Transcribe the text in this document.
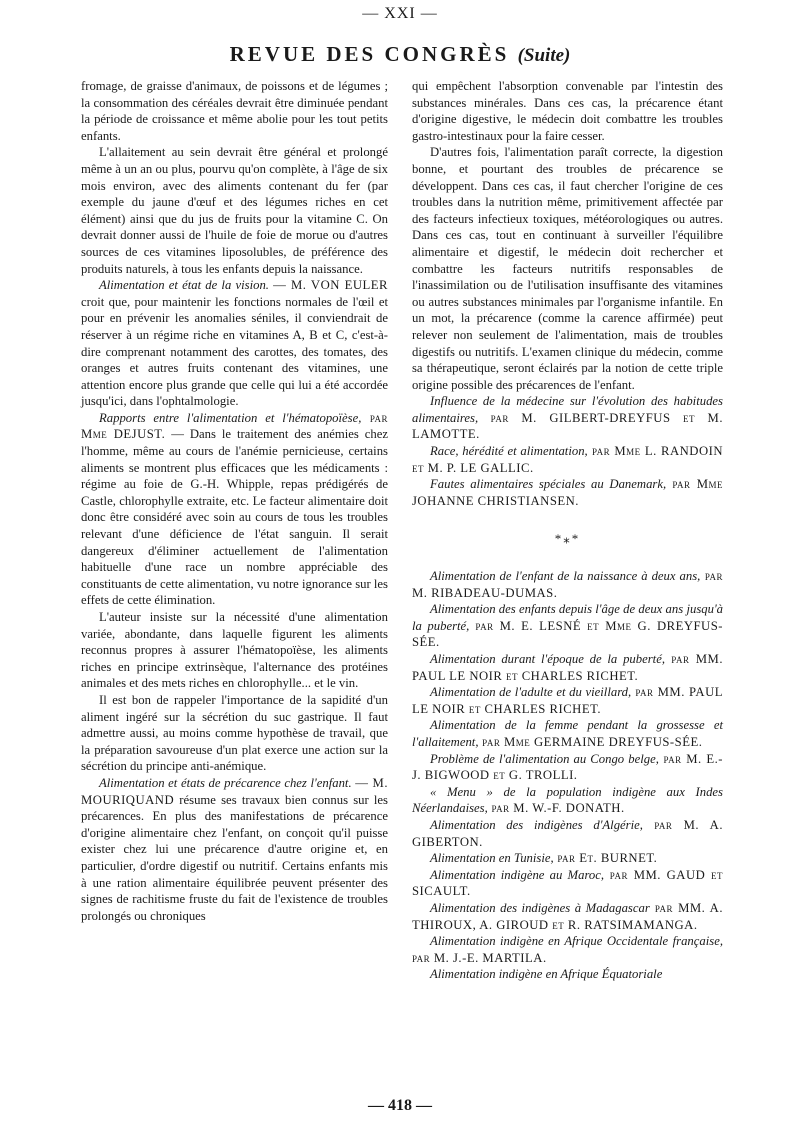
— XXI —
REVUE DES CONGRÈS (Suite)

fromage, de graisse d'animaux, de poissons et de légumes ; la consommation des céréales devrait être diminuée pendant la période de croissance et même abolie pour les tout petits enfants.

L'allaitement au sein devrait être général et prolongé même à un an ou plus, pourvu qu'on complète, à l'âge de six mois environ, avec des aliments contenant du fer (par exemple du jaune d'œuf et des légumes riches en cet élément) ainsi que du jus de fruits pour la vitamine C. On devrait donner aussi de l'huile de foie de morue ou d'autres sources de ces vitamines liposolubles, de préférence des produits naturels, à tous les enfants depuis la naissance.

Alimentation et état de la vision. — M. VON EULER croit que, pour maintenir les fonctions normales de l'œil et pour en prévenir les anomalies séniles, il conviendrait de réserver à un régime riche en vitamines A, B et C, c'est-à-dire comprenant notamment des carottes, des tomates, des oranges et autres fruits contenant des vitamines, une attention encore plus grande que celle qui lui a été accordée jusqu'ici, dans l'ophtalmologie.

Rapports entre l'alimentation et l'hématopoïèse, par Mme DEJUST. — Dans le traitement des anémies chez l'homme, même au cours de l'anémie pernicieuse, certains aliments se montrent plus efficaces que les médicaments : régime au foie de G.-H. Whipple, repas prédigérés de Castle, chlorophylle extraite, etc. Le facteur alimentaire doit donc être considéré avec soin au cours de tous les troubles relevant d'une déficience de l'état sanguin. Il serait dangereux d'éliminer actuellement de l'alimentation habituelle d'une race un nombre appréciable des constituants de cette alimentation, vu notre ignorance sur les effets de cette élimination.

L'auteur insiste sur la nécessité d'une alimentation variée, abondante, dans laquelle figurent les aliments reconnus propres à assurer l'hématopoïèse, les aliments riches en principe extrinsèque, l'alternance des protéines animales et des mets riches en chlorophylle... et le vin.

Il est bon de rappeler l'importance de la sapidité d'un aliment ingéré sur la sécrétion du suc gastrique. Il faut admettre aussi, au moins comme hypothèse de travail, que la préparation savoureuse d'un plat exerce une action sur la sécrétion du principe anti-anémique.

Alimentation et états de précarence chez l'enfant. — M. MOURIQUAND résume ses travaux bien connus sur les précarences. En plus des manifestations de précarence d'origine alimentaire chez l'enfant, on conçoit qu'il puisse exister chez lui une précarence d'autre origine et, en particulier, d'ordre digestif ou nutritif. Certains enfants mis à une ration alimentaire équilibrée peuvent présenter des signes de rachitisme fruste du fait de l'existence de troubles prolongés ou chroniques

qui empêchent l'absorption convenable par l'intestin des substances minérales. Dans ces cas, la précarence étant d'origine digestive, le médecin doit combattre les troubles gastro-intestinaux pour la faire cesser.

D'autres fois, l'alimentation paraît correcte, la digestion bonne, et pourtant des troubles de précarence se développent. Dans ces cas, il faut chercher l'origine de ces troubles dans la nutrition même, primitivement affectée par des facteurs infectieux toxiques, météorologiques ou autres. Dans ces cas, tout en continuant à surveiller l'équilibre alimentaire et digestif, le médecin doit rechercher et combattre les facteurs nutritifs responsables de l'inassimilation ou de l'utilisation insuffisante des vitamines ou autres substances minimales par l'organisme infantile. En un mot, la précarence (comme la carence affirmée) peut relever non seulement de l'alimentation, mais de troubles digestifs ou nutritifs. L'examen clinique du médecin, comme sa thérapeutique, seront éclairés par la notion de cette triple origine possible des précarences de l'enfant.

Influence de la médecine sur l'évolution des habitudes alimentaires, par M. GILBERT-DREYFUS et M. LAMOTTE.

Race, hérédité et alimentation, par Mme L. RANDOIN et M. P. LE GALLIC.

Fautes alimentaires spéciales au Danemark, par Mme JOHANNE CHRISTIANSEN.

*⁎*

Alimentation de l'enfant de la naissance à deux ans, par M. RIBADEAU-DUMAS.

Alimentation des enfants depuis l'âge de deux ans jusqu'à la puberté, par M. E. LESNÉ et Mme G. DREYFUS-SÉE.

Alimentation durant l'époque de la puberté, par MM. PAUL LE NOIR et CHARLES RICHET.

Alimentation de l'adulte et du vieillard, par MM. PAUL LE NOIR et CHARLES RICHET.

Alimentation de la femme pendant la grossesse et l'allaitement, par Mme GERMAINE DREYFUS-SÉE.

Problème de l'alimentation au Congo belge, par M. E.-J. BIGWOOD et G. TROLLI.

« Menu » de la population indigène aux Indes Néerlandaises, par M. W.-F. DONATH.

Alimentation des indigènes d'Algérie, par M. A. GIBERTON.

Alimentation en Tunisie, par Et. BURNET.

Alimentation indigène au Maroc, par MM. GAUD et SICAULT.

Alimentation des indigènes à Madagascar par MM. A. THIROUX, A. GIROUD et R. RATSIMAMANGA.

Alimentation indigène en Afrique Occidentale française, par M. J.-E. MARTILA.

Alimentation indigène en Afrique Équatoriale

— 418 —
